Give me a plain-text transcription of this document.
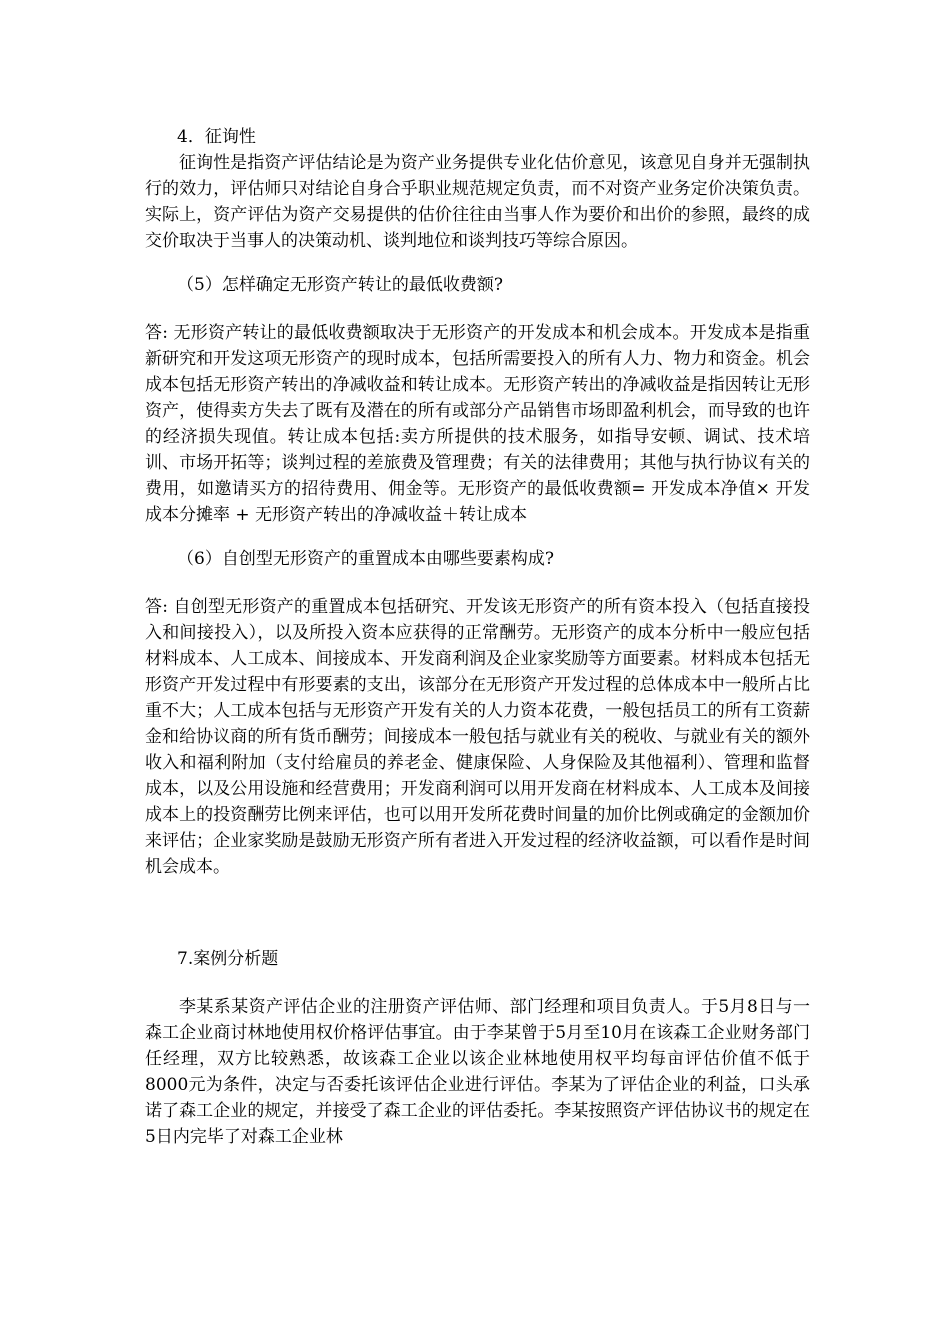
4．征询性

征询性是指资产评估结论是为资产业务提供专业化估价意见，该意见自身并无强制执行的效力，评估师只对结论自身合乎职业规范规定负责，而不对资产业务定价决策负责。实际上，资产评估为资产交易提供的估价往往由当事人作为要价和出价的参照，最终的成交价取决于当事人的决策动机、谈判地位和谈判技巧等综合原因。

（5）怎样确定无形资产转让的最低收费额?

答: 无形资产转让的最低收费额取决于无形资产的开发成本和机会成本。开发成本是指重新研究和开发这项无形资产的现时成本，包括所需要投入的所有人力、物力和资金。机会成本包括无形资产转出的净减收益和转让成本。无形资产转出的净减收益是指因转让无形资产，使得卖方失去了既有及潜在的所有或部分产品销售市场即盈利机会，而导致的也许的经济损失现值。转让成本包括:卖方所提供的技术服务，如指导安顿、调试、技术培训、市场开拓等；谈判过程的差旅费及管理费；有关的法律费用；其他与执行协议有关的费用，如邀请买方的招待费用、佣金等。无形资产的最低收费额= 开发成本净值× 开发成本分摊率 + 无形资产转出的净减收益＋转让成本

（6）自创型无形资产的重置成本由哪些要素构成?

答: 自创型无形资产的重置成本包括研究、开发该无形资产的所有资本投入（包括直接投入和间接投入），以及所投入资本应获得的正常酬劳。无形资产的成本分析中一般应包括材料成本、人工成本、间接成本、开发商利润及企业家奖励等方面要素。材料成本包括无形资产开发过程中有形要素的支出，该部分在无形资产开发过程的总体成本中一般所占比重不大；人工成本包括与无形资产开发有关的人力资本花费，一般包括员工的所有工资薪金和给协议商的所有货币酬劳；间接成本一般包括与就业有关的税收、与就业有关的额外收入和福利附加（支付给雇员的养老金、健康保险、人身保险及其他福利）、管理和监督成本，以及公用设施和经营费用；开发商利润可以用开发商在材料成本、人工成本及间接成本上的投资酬劳比例来评估，也可以用开发所花费时间量的加价比例或确定的金额加价来评估；企业家奖励是鼓励无形资产所有者进入开发过程的经济收益额，可以看作是时间机会成本。

7.案例分析题

李某系某资产评估企业的注册资产评估师、部门经理和项目负责人。于5月8日与一森工企业商讨林地使用权价格评估事宜。由于李某曾于5月至10月在该森工企业财务部门任经理，双方比较熟悉，故该森工企业以该企业林地使用权平均每亩评估价值不低于8000元为条件，决定与否委托该评估企业进行评估。李某为了评估企业的利益，口头承诺了森工企业的规定，并接受了森工企业的评估委托。李某按照资产评估协议书的规定在5日内完毕了对森工企业林
